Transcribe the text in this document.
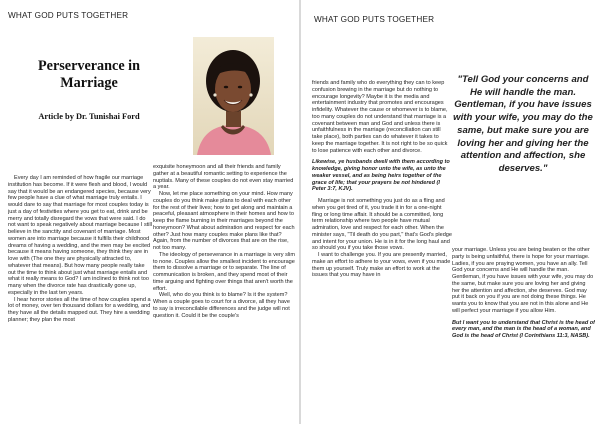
WHAT GOD PUTS TOGETHER	WHAT GOD PUTS TOGETHER
Perserverance in Marriage
Article by Dr. Tunishai Ford

Every day I am reminded of how fragile our marriage institution has become. If it were flesh and blood, I would say that it would be an endangered species, because very few people have a clue of what marriage truly entails. I would dare to say that marriage for most couples today is just a day of festivities where you get to eat, drink and be merry and totally disregard the vows that were said. I do not want to speak negatively about marriage because I still believe in the sanctity and covenant of marriage. Most women are into marriage because it fulfills their childhood dreams of having a wedding, and the men may be excited because it means having someone, they think they are in love with (The one they are physically attracted to, whatever that means). But how many people really take out the time to think about just what marriage entails and what it really means to God? I am inclined to think not too many when the divorce rate has drastically gone up, especially in the last ten years.

I hear horror stories all the time of how couples spend a lot of money, over ten thousand dollars for a wedding, and they have all the details mapped out. They hire a wedding planner; they plan the most

exquisite honeymoon and all their friends and family gather at a beautiful romantic setting to experience the nuptials. Many of these couples do not even stay married a year.

Now, let me place something on your mind. How many couples do you think make plans to deal with each other for the rest of their lives; how to get along and maintain a peaceful, pleasant atmosphere in their homes and how to keep the flame burning in their marriages beyond the honeymoon? What about admiration and respect for each other? Just how many couples make plans like that? Again, from the number of divorces that are on the rise, not too many.

The ideology of perseverance in a marriage is very slim to none. Couples allow the smallest incident to encourage them to dissolve a marriage or to separate. The line of communication is broken, and they spend most of their time arguing and fighting over things that aren't worth the effort.

Well, who do you think is to blame? Is it the system? When a couple goes to court for a divorce, all they have to say is irreconcilable differences and the judge will not question it. Could it be the couple's

friends and family who do everything they can to keep confusion brewing in the marriage but do nothing to encourage longevity? Maybe it is the media and entertainment industry that promotes and encourages infidelity. Whatever the cause or whomever is to blame, too many couples do not understand that marriage is a covenant between man and God and unless there is unfaithfulness in the marriage (reconciliation can still take place), both parties can do whatever it takes to keep the marriage together. It is not right to be so quick to lose patience with each other and divorce.

Likewise, ye husbands dwell with them according to knowledge, giving honor unto the wife, as unto the weaker vessel, and as being heirs together of the grace of life; that your prayers be not hindered (I Peter 3:7, KJV).

Marriage is not something you just do as a fling and when you get tired of it, you trade it in for a one-night fling or long time affair. It should be a committed, long term relationship where two people have mutual admiration, love and respect for each other. When the minister says, "Til death do you part," that's God's pledge and intent for your union. He is in it for the long haul and so should you if you take those vows.

I want to challenge you. If you are presently married, make an effort to adhere to your vows, even if you made them up yourself. Truly make an effort to work at the issues that you may have in

"Tell God your concerns and He will handle the man. Gentleman, if you have issues with your wife, you may do the same, but make sure you are loving her and giving her the attention and affection, she deserves."

your marriage. Unless you are being beaten or the other party is being unfaithful, there is hope for your marriage. Ladies, if you are praying women, you have an ally. Tell God your concerns and He will handle the man. Gentleman, if you have issues with your wife, you may do the same, but make sure you are loving her and giving her the attention and affection, she deserves. God may put it back on you if you are not doing these things. He wants you to know that you are not in this alone and He will perfect your marriage if you allow Him.

But I want you to understand that Christ is the head of every man, and the man is the head of a woman, and God is the head of Christ (I Corinthians 11:3, NASB).
